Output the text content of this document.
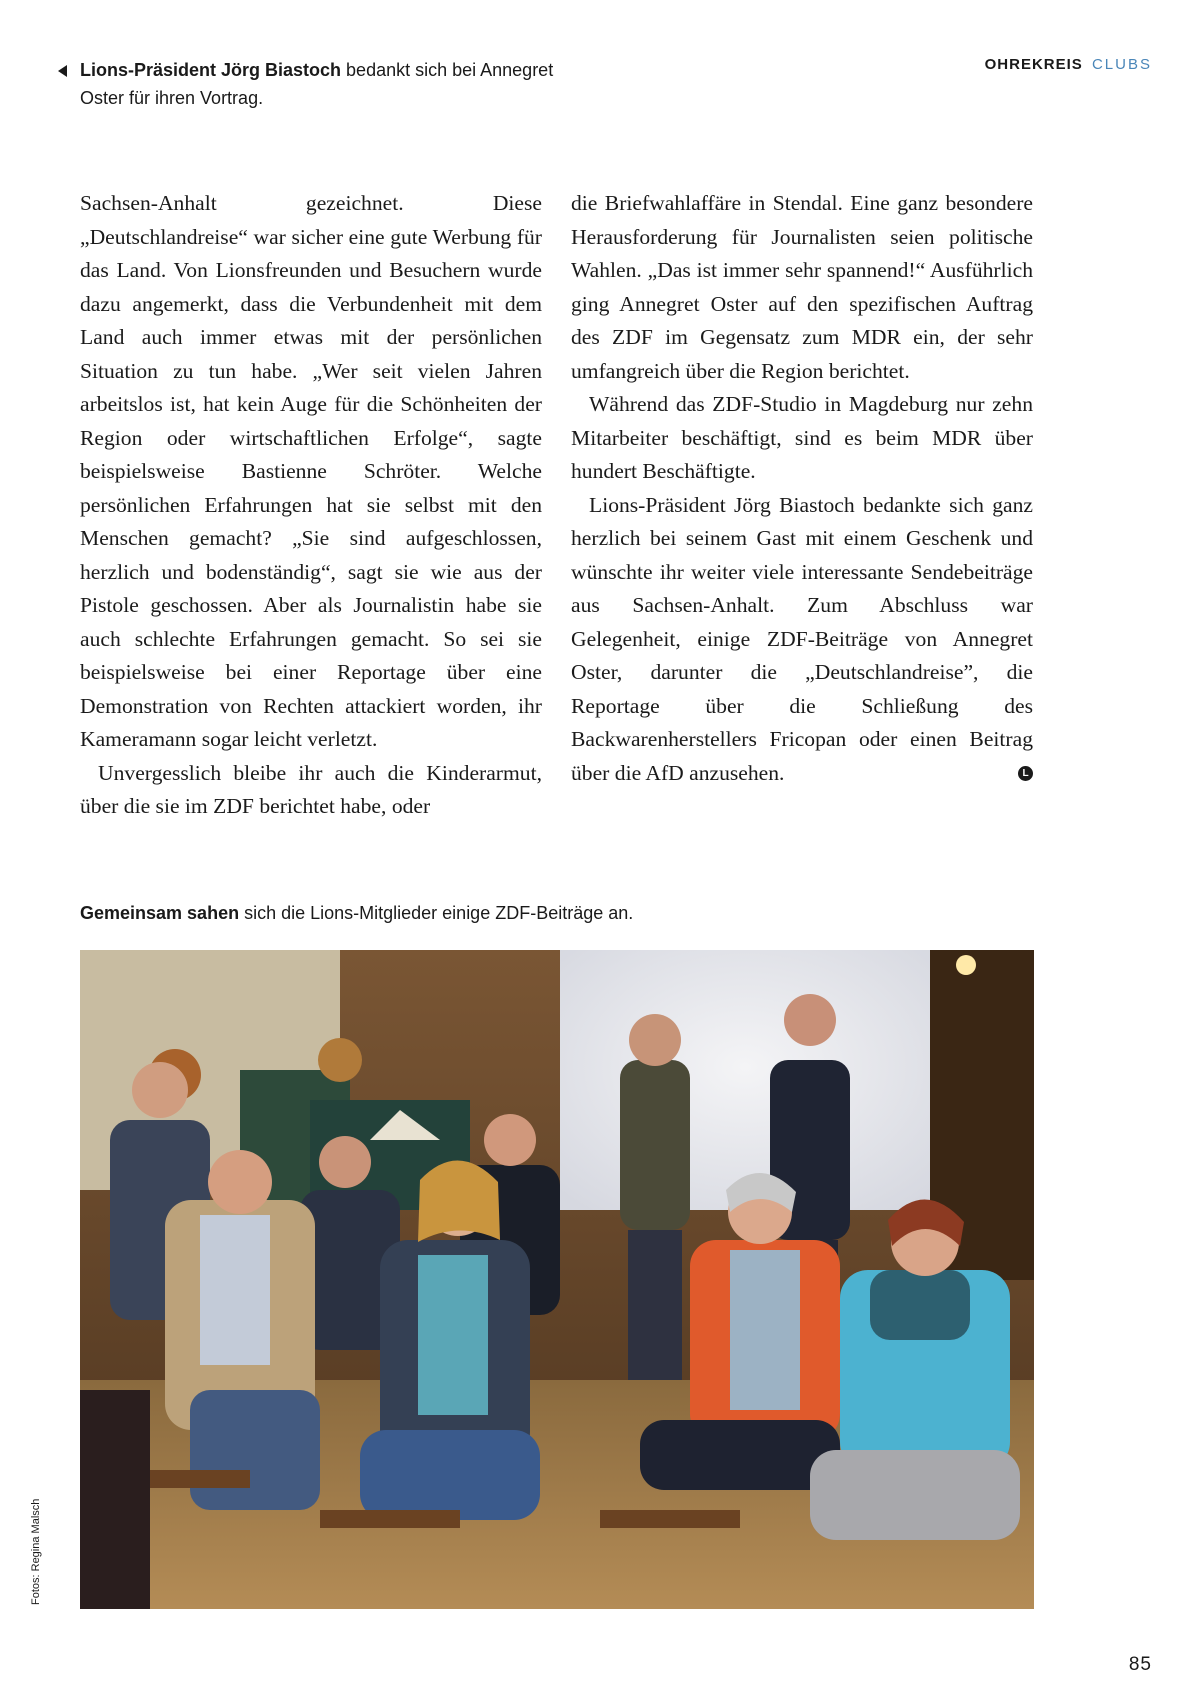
Lions-Präsident Jörg Biastoch bedankt sich bei Annegret Oster für ihren Vortrag.
OHREKREIS CLUBS

Sachsen-Anhalt gezeichnet. Diese „Deutschlandreise“ war sicher eine gute Werbung für das Land. Von Lionsfreunden und Besuchern wurde dazu angemerkt, dass die Verbundenheit mit dem Land auch immer etwas mit der persönlichen Situation zu tun habe. „Wer seit vielen Jahren arbeitslos ist, hat kein Auge für die Schönheiten der Region oder wirtschaftlichen Erfolge“, sagte beispielsweise Bastienne Schröter. Welche persönlichen Erfahrungen hat sie selbst mit den Menschen gemacht? „Sie sind aufgeschlossen, herzlich und bodenständig“, sagt sie wie aus der Pistole geschossen. Aber als Journalistin habe sie auch schlechte Erfahrungen gemacht. So sei sie beispielsweise bei einer Reportage über eine Demonstration von Rechten attackiert worden, ihr Kameramann sogar leicht verletzt.

Unvergesslich bleibe ihr auch die Kinderarmut, über die sie im ZDF berichtet habe, oder

die Briefwahlaffäre in Stendal. Eine ganz besondere Herausforderung für Journalisten seien politische Wahlen. „Das ist immer sehr spannend!“ Ausführlich ging Annegret Oster auf den spezifischen Auftrag des ZDF im Gegensatz zum MDR ein, der sehr umfangreich über die Region berichtet.

Während das ZDF-Studio in Magdeburg nur zehn Mitarbeiter beschäftigt, sind es beim MDR über hundert Beschäftigte.

Lions-Präsident Jörg Biastoch bedankte sich ganz herzlich bei seinem Gast mit einem Geschenk und wünschte ihr weiter viele interessante Sendebeiträge aus Sachsen-Anhalt. Zum Abschluss war Gelegenheit, einige ZDF-Beiträge von Annegret Oster, darunter die „Deutschlandreise”, die Reportage über die Schließung des Backwarenherstellers Fricopan oder einen Beitrag über die AfD anzusehen.	L

Gemeinsam sahen sich die Lions-Mitglieder einige ZDF-Beiträge an.
Fotos: Regina Malsch
85
